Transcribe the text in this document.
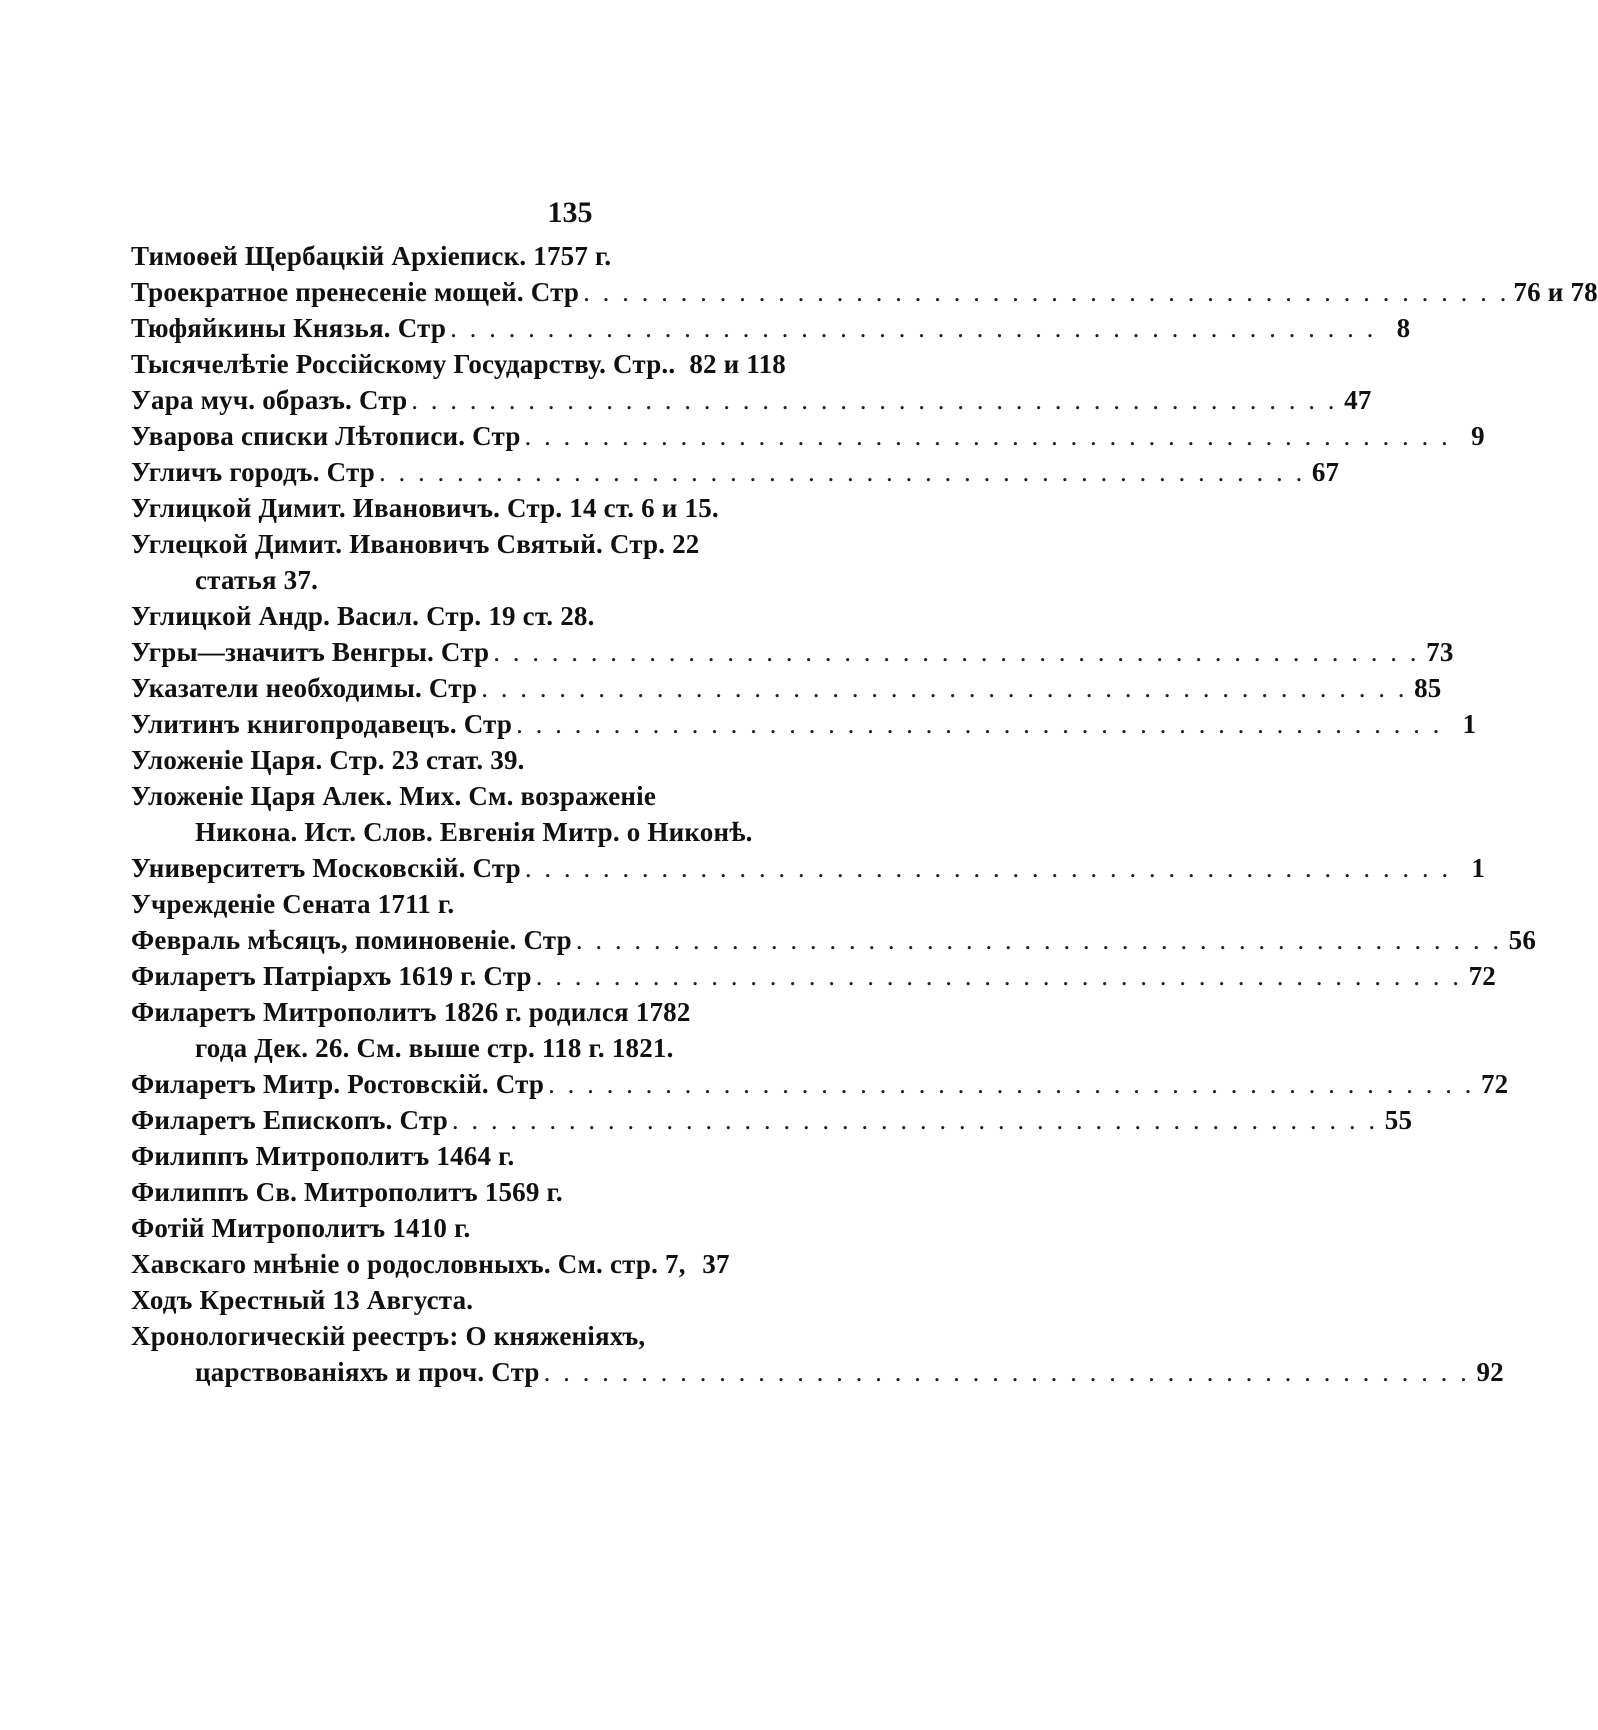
135
Тимоѳей Щербацкій Архіеписк. 1757 г.
Троекратное пренесеніе мощей. Стр . . . . . . . . . . . . . . . . . . . . . . . . . . . . . . . . . . . . . . . . . . . . . . . . 76 и 78
Тюфяйкины Князья. Стр . . . . . . . . . . . . . . . . . . . . . . . . . . . . . . . . . . . . . . . . . . . . . . . . 8
Тысячелѣтіе Россійскому Государству. Стр.. 82 и 118
Уара муч. образъ. Стр . . . . . . . . . . . . . . . . . . . . . . . . . . . . . . . . . . . . . . . . . . . . . . . . 47
Уварова списки Лѣтописи. Стр . . . . . . . . . . . . . . . . . . . . . . . . . . . . . . . . . . . . . . . . . . . . . . . . 9
Угличъ городъ. Стр . . . . . . . . . . . . . . . . . . . . . . . . . . . . . . . . . . . . . . . . . . . . . . . . 67
Углицкой Димит. Ивановичъ. Стр. 14 ст. 6 и 15.
Углецкой Димит. Ивановичъ Святый. Стр. 22
статья 37.
Углицкой Андр. Васил. Стр. 19 ст. 28.
Угры—значитъ Венгры. Стр . . . . . . . . . . . . . . . . . . . . . . . . . . . . . . . . . . . . . . . . . . . . . . . . 73
Указатели необходимы. Стр . . . . . . . . . . . . . . . . . . . . . . . . . . . . . . . . . . . . . . . . . . . . . . . . 85
Улитинъ книгопродавецъ. Стр . . . . . . . . . . . . . . . . . . . . . . . . . . . . . . . . . . . . . . . . . . . . . . . . 1
Уложеніе Царя. Стр. 23 стат. 39.
Уложеніе Царя Алек. Мих. См. возраженіе
Никона. Ист. Слов. Евгенія Митр. о Никонѣ.
Университетъ Московскій. Стр . . . . . . . . . . . . . . . . . . . . . . . . . . . . . . . . . . . . . . . . . . . . . . . . 1
Учрежденіе Сената 1711 г.
Февраль мѣсяцъ, поминовеніе. Стр . . . . . . . . . . . . . . . . . . . . . . . . . . . . . . . . . . . . . . . . . . . . . . . . 56
Филаретъ Патріархъ 1619 г. Стр . . . . . . . . . . . . . . . . . . . . . . . . . . . . . . . . . . . . . . . . . . . . . . . . 72
Филаретъ Митрополитъ 1826 г. родился 1782
года Дек. 26. См. выше стр. 118 г. 1821.
Филаретъ Митр. Ростовскій. Стр . . . . . . . . . . . . . . . . . . . . . . . . . . . . . . . . . . . . . . . . . . . . . . . . 72
Филаретъ Епископъ. Стр . . . . . . . . . . . . . . . . . . . . . . . . . . . . . . . . . . . . . . . . . . . . . . . . 55
Филиппъ Митрополитъ 1464 г.
Филиппъ Св. Митрополитъ 1569 г.
Фотій Митрополитъ 1410 г.
Хавскаго мнѣніе о родословныхъ. См. стр. 7, 37
Ходъ Крестный 13 Августа.
Хронологическій реестръ: О княженіяхъ,
царствованіяхъ и проч. Стр . . . . . . . . . . . . . . . . . . . . . . . . . . . . . . . . . . . . . . . . . . . . . . . . 92
